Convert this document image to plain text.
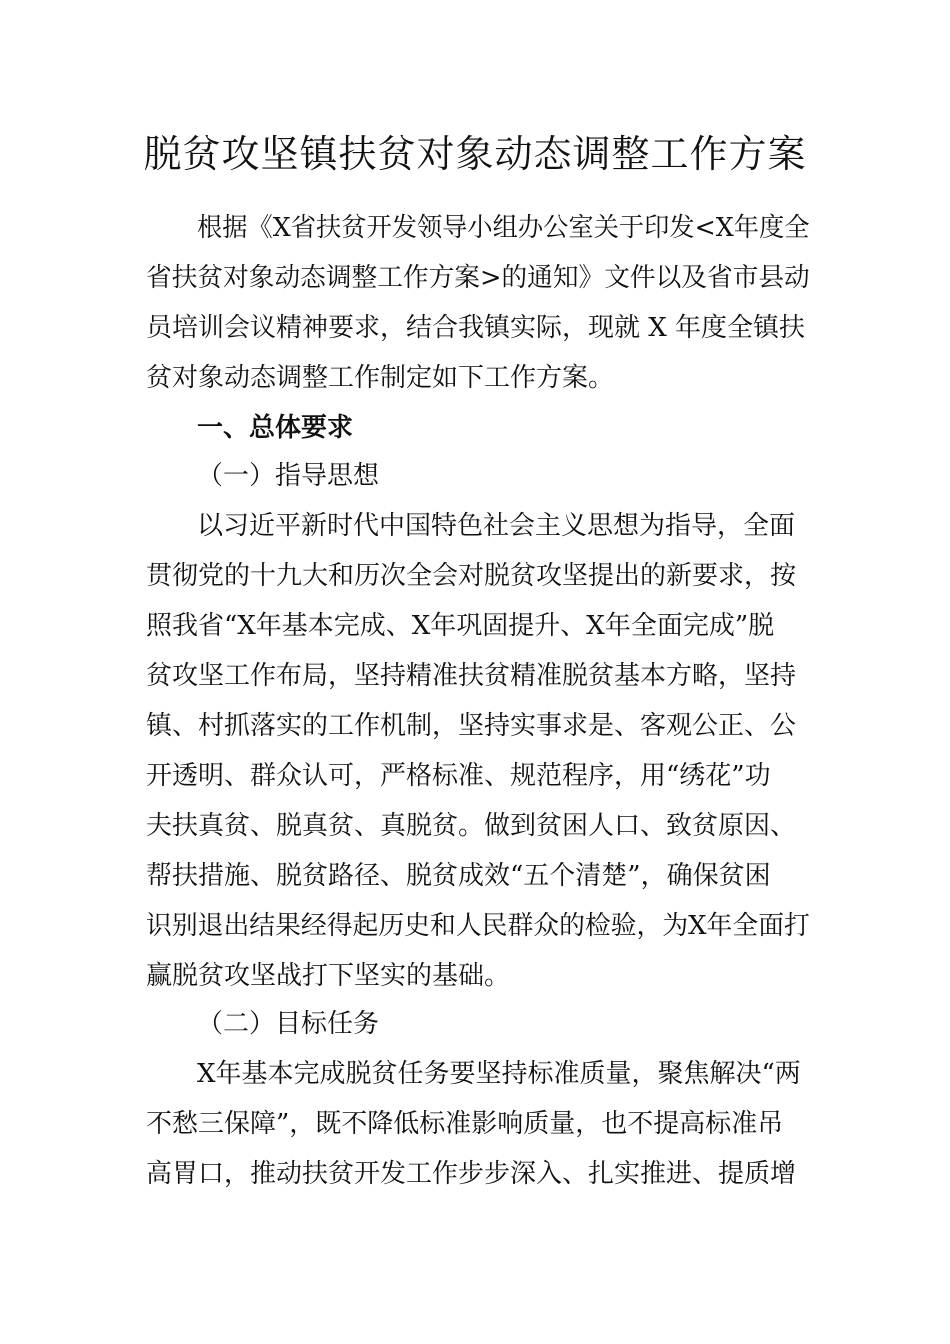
脱贫攻坚镇扶贫对象动态调整工作方案
根据《X省扶贫开发领导小组办公室关于印发<X年度全
省扶贫对象动态调整工作方案>的通知》文件以及省市县动
员培训会议精神要求，结合我镇实际，现就 X 年度全镇扶
贫对象动态调整工作制定如下工作方案。
一、总体要求
（一）指导思想
以习近平新时代中国特色社会主义思想为指导，全面
贯彻党的十九大和历次全会对脱贫攻坚提出的新要求，按
照我省“X年基本完成、X年巩固提升、X年全面完成”脱
贫攻坚工作布局，坚持精准扶贫精准脱贫基本方略，坚持
镇、村抓落实的工作机制，坚持实事求是、客观公正、公
开透明、群众认可，严格标准、规范程序，用“绣花”功
夫扶真贫、脱真贫、真脱贫。做到贫困人口、致贫原因、
帮扶措施、脱贫路径、脱贫成效“五个清楚”，确保贫困
识别退出结果经得起历史和人民群众的检验，为X年全面打
赢脱贫攻坚战打下坚实的基础。
（二）目标任务
X年基本完成脱贫任务要坚持标准质量，聚焦解决“两
不愁三保障”，既不降低标准影响质量，也不提高标准吊
高胃口，推动扶贫开发工作步步深入、扎实推进、提质增
